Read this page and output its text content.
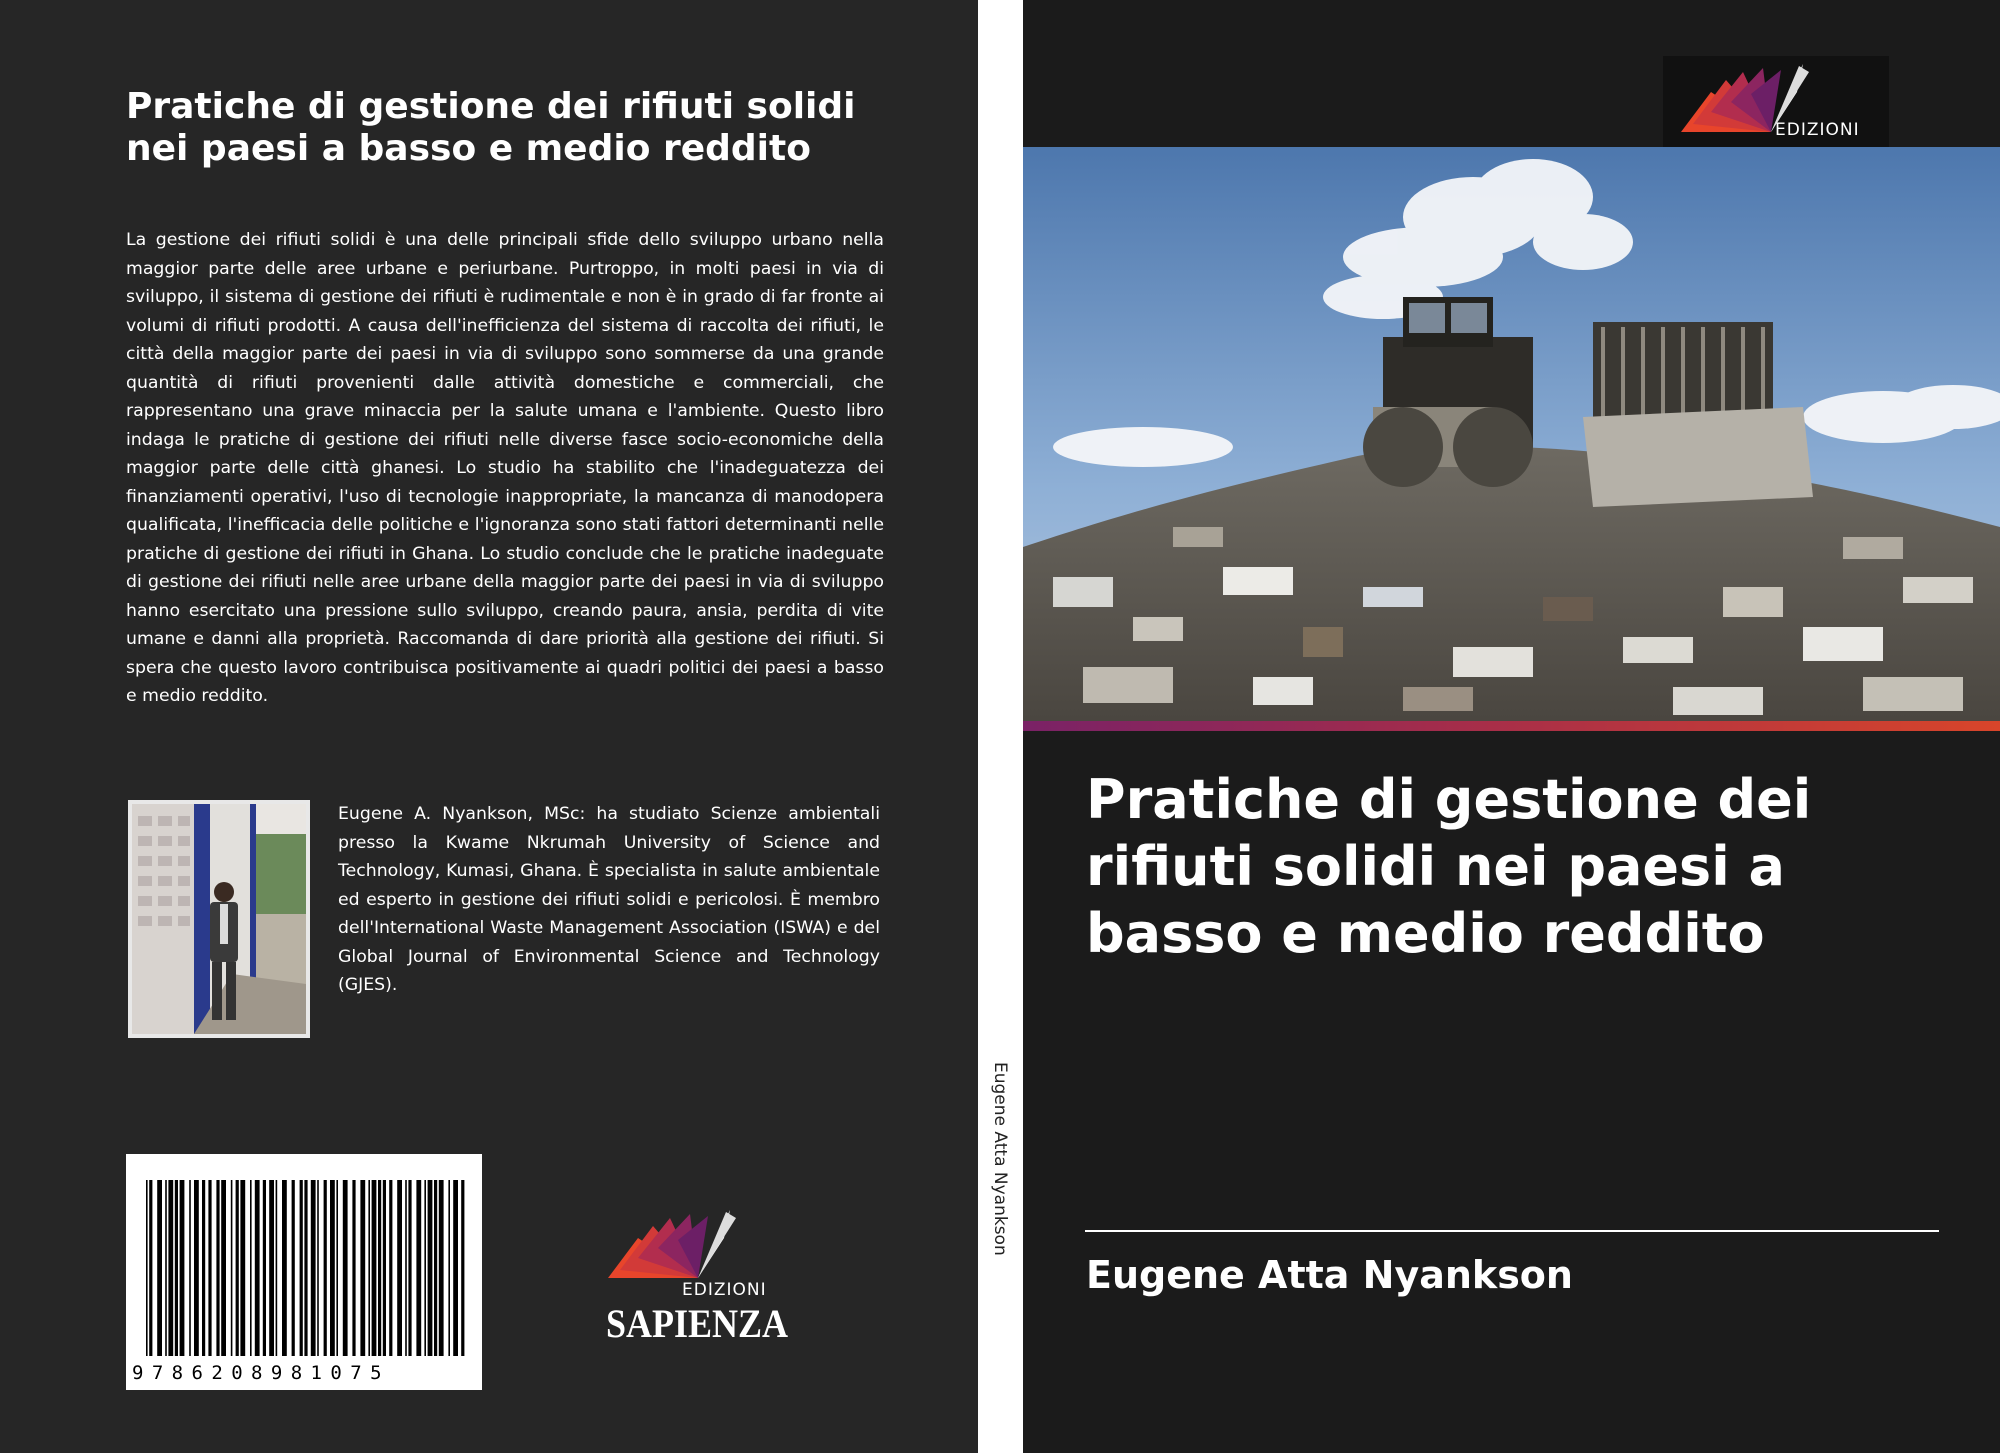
Pratiche di gestione dei rifiuti solidi nei paesi a basso e medio reddito

La gestione dei rifiuti solidi è una delle principali sfide dello sviluppo urbano nella maggior parte delle aree urbane e periurbane. Purtroppo, in molti paesi in via di sviluppo, il sistema di gestione dei rifiuti è rudimentale e non è in grado di far fronte ai volumi di rifiuti prodotti. A causa dell'inefficienza del sistema di raccolta dei rifiuti, le città della maggior parte dei paesi in via di sviluppo sono sommerse da una grande quantità di rifiuti provenienti dalle attività domestiche e commerciali, che rappresentano una grave minaccia per la salute umana e l'ambiente. Questo libro indaga le pratiche di gestione dei rifiuti nelle diverse fasce socio-economiche della maggior parte delle città ghanesi. Lo studio ha stabilito che l'inadeguatezza dei finanziamenti operativi, l'uso di tecnologie inappropriate, la mancanza di manodopera qualificata, l'inefficacia delle politiche e l'ignoranza sono stati fattori determinanti nelle pratiche di gestione dei rifiuti in Ghana. Lo studio conclude che le pratiche inadeguate di gestione dei rifiuti nelle aree urbane della maggior parte dei paesi in via di sviluppo hanno esercitato una pressione sullo sviluppo, creando paura, ansia, perdita di vite umane e danni alla proprietà. Raccomanda di dare priorità alla gestione dei rifiuti. Si spera che questo lavoro contribuisca positivamente ai quadri politici dei paesi a basso e medio reddito.

Eugene A. Nyankson, MSc: ha studiato Scienze ambientali presso la Kwame Nkrumah University of Science and Technology, Kumasi, Ghana. È specialista in salute ambientale ed esperto in gestione dei rifiuti solidi e pericolosi. È membro dell'International Waste Management Association (ISWA) e del Global Journal of Environmental Science and Technology (GJES).

9786208981075
EDIZIONI
SAPIENZA
Eugene Atta Nyankson
EDIZIONI
Pratiche di gestione dei rifiuti solidi nei paesi a basso e medio reddito
Eugene Atta Nyankson
